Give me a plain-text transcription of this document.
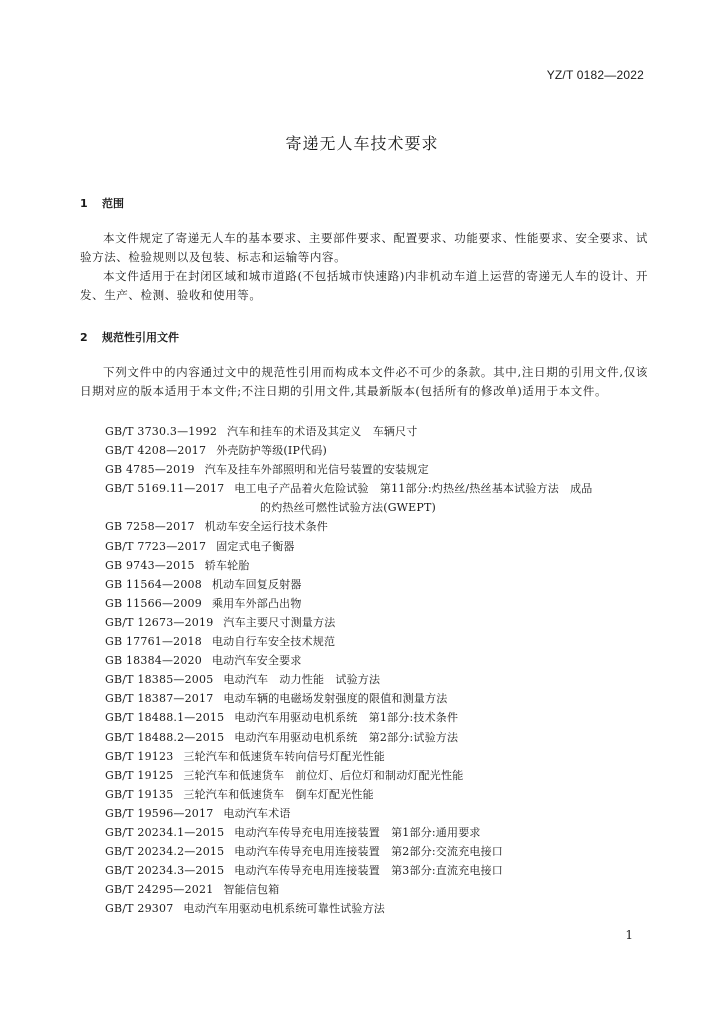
YZ/T 0182—2022
寄递无人车技术要求
1 范围

本文件规定了寄递无人车的基本要求、主要部件要求、配置要求、功能要求、性能要求、安全要求、试验方法、检验规则以及包装、标志和运输等内容。

本文件适用于在封闭区域和城市道路(不包括城市快速路)内非机动车道上运营的寄递无人车的设计、开发、生产、检测、验收和使用等。

2 规范性引用文件

下列文件中的内容通过文中的规范性引用而构成本文件必不可少的条款。其中,注日期的引用文件,仅该日期对应的版本适用于本文件;不注日期的引用文件,其最新版本(包括所有的修改单)适用于本文件。

GB/T 3730.3—1992 汽车和挂车的术语及其定义　车辆尺寸
GB/T 4208—2017 外壳防护等级(IP代码)
GB 4785—2019 汽车及挂车外部照明和光信号装置的安装规定
GB/T 5169.11—2017 电工电子产品着火危险试验　第11部分:灼热丝/热丝基本试验方法　成品
的灼热丝可燃性试验方法(GWEPT)
GB 7258—2017 机动车安全运行技术条件
GB/T 7723—2017 固定式电子衡器
GB 9743—2015 轿车轮胎
GB 11564—2008 机动车回复反射器
GB 11566—2009 乘用车外部凸出物
GB/T 12673—2019 汽车主要尺寸测量方法
GB 17761—2018 电动自行车安全技术规范
GB 18384—2020 电动汽车安全要求
GB/T 18385—2005 电动汽车　动力性能　试验方法
GB/T 18387—2017 电动车辆的电磁场发射强度的限值和测量方法
GB/T 18488.1—2015 电动汽车用驱动电机系统　第1部分:技术条件
GB/T 18488.2—2015 电动汽车用驱动电机系统　第2部分:试验方法
GB/T 19123 三轮汽车和低速货车转向信号灯配光性能
GB/T 19125 三轮汽车和低速货车　前位灯、后位灯和制动灯配光性能
GB/T 19135 三轮汽车和低速货车　倒车灯配光性能
GB/T 19596—2017 电动汽车术语
GB/T 20234.1—2015 电动汽车传导充电用连接装置　第1部分:通用要求
GB/T 20234.2—2015 电动汽车传导充电用连接装置　第2部分:交流充电接口
GB/T 20234.3—2015 电动汽车传导充电用连接装置　第3部分:直流充电接口
GB/T 24295—2021 智能信包箱
GB/T 29307 电动汽车用驱动电机系统可靠性试验方法
1
